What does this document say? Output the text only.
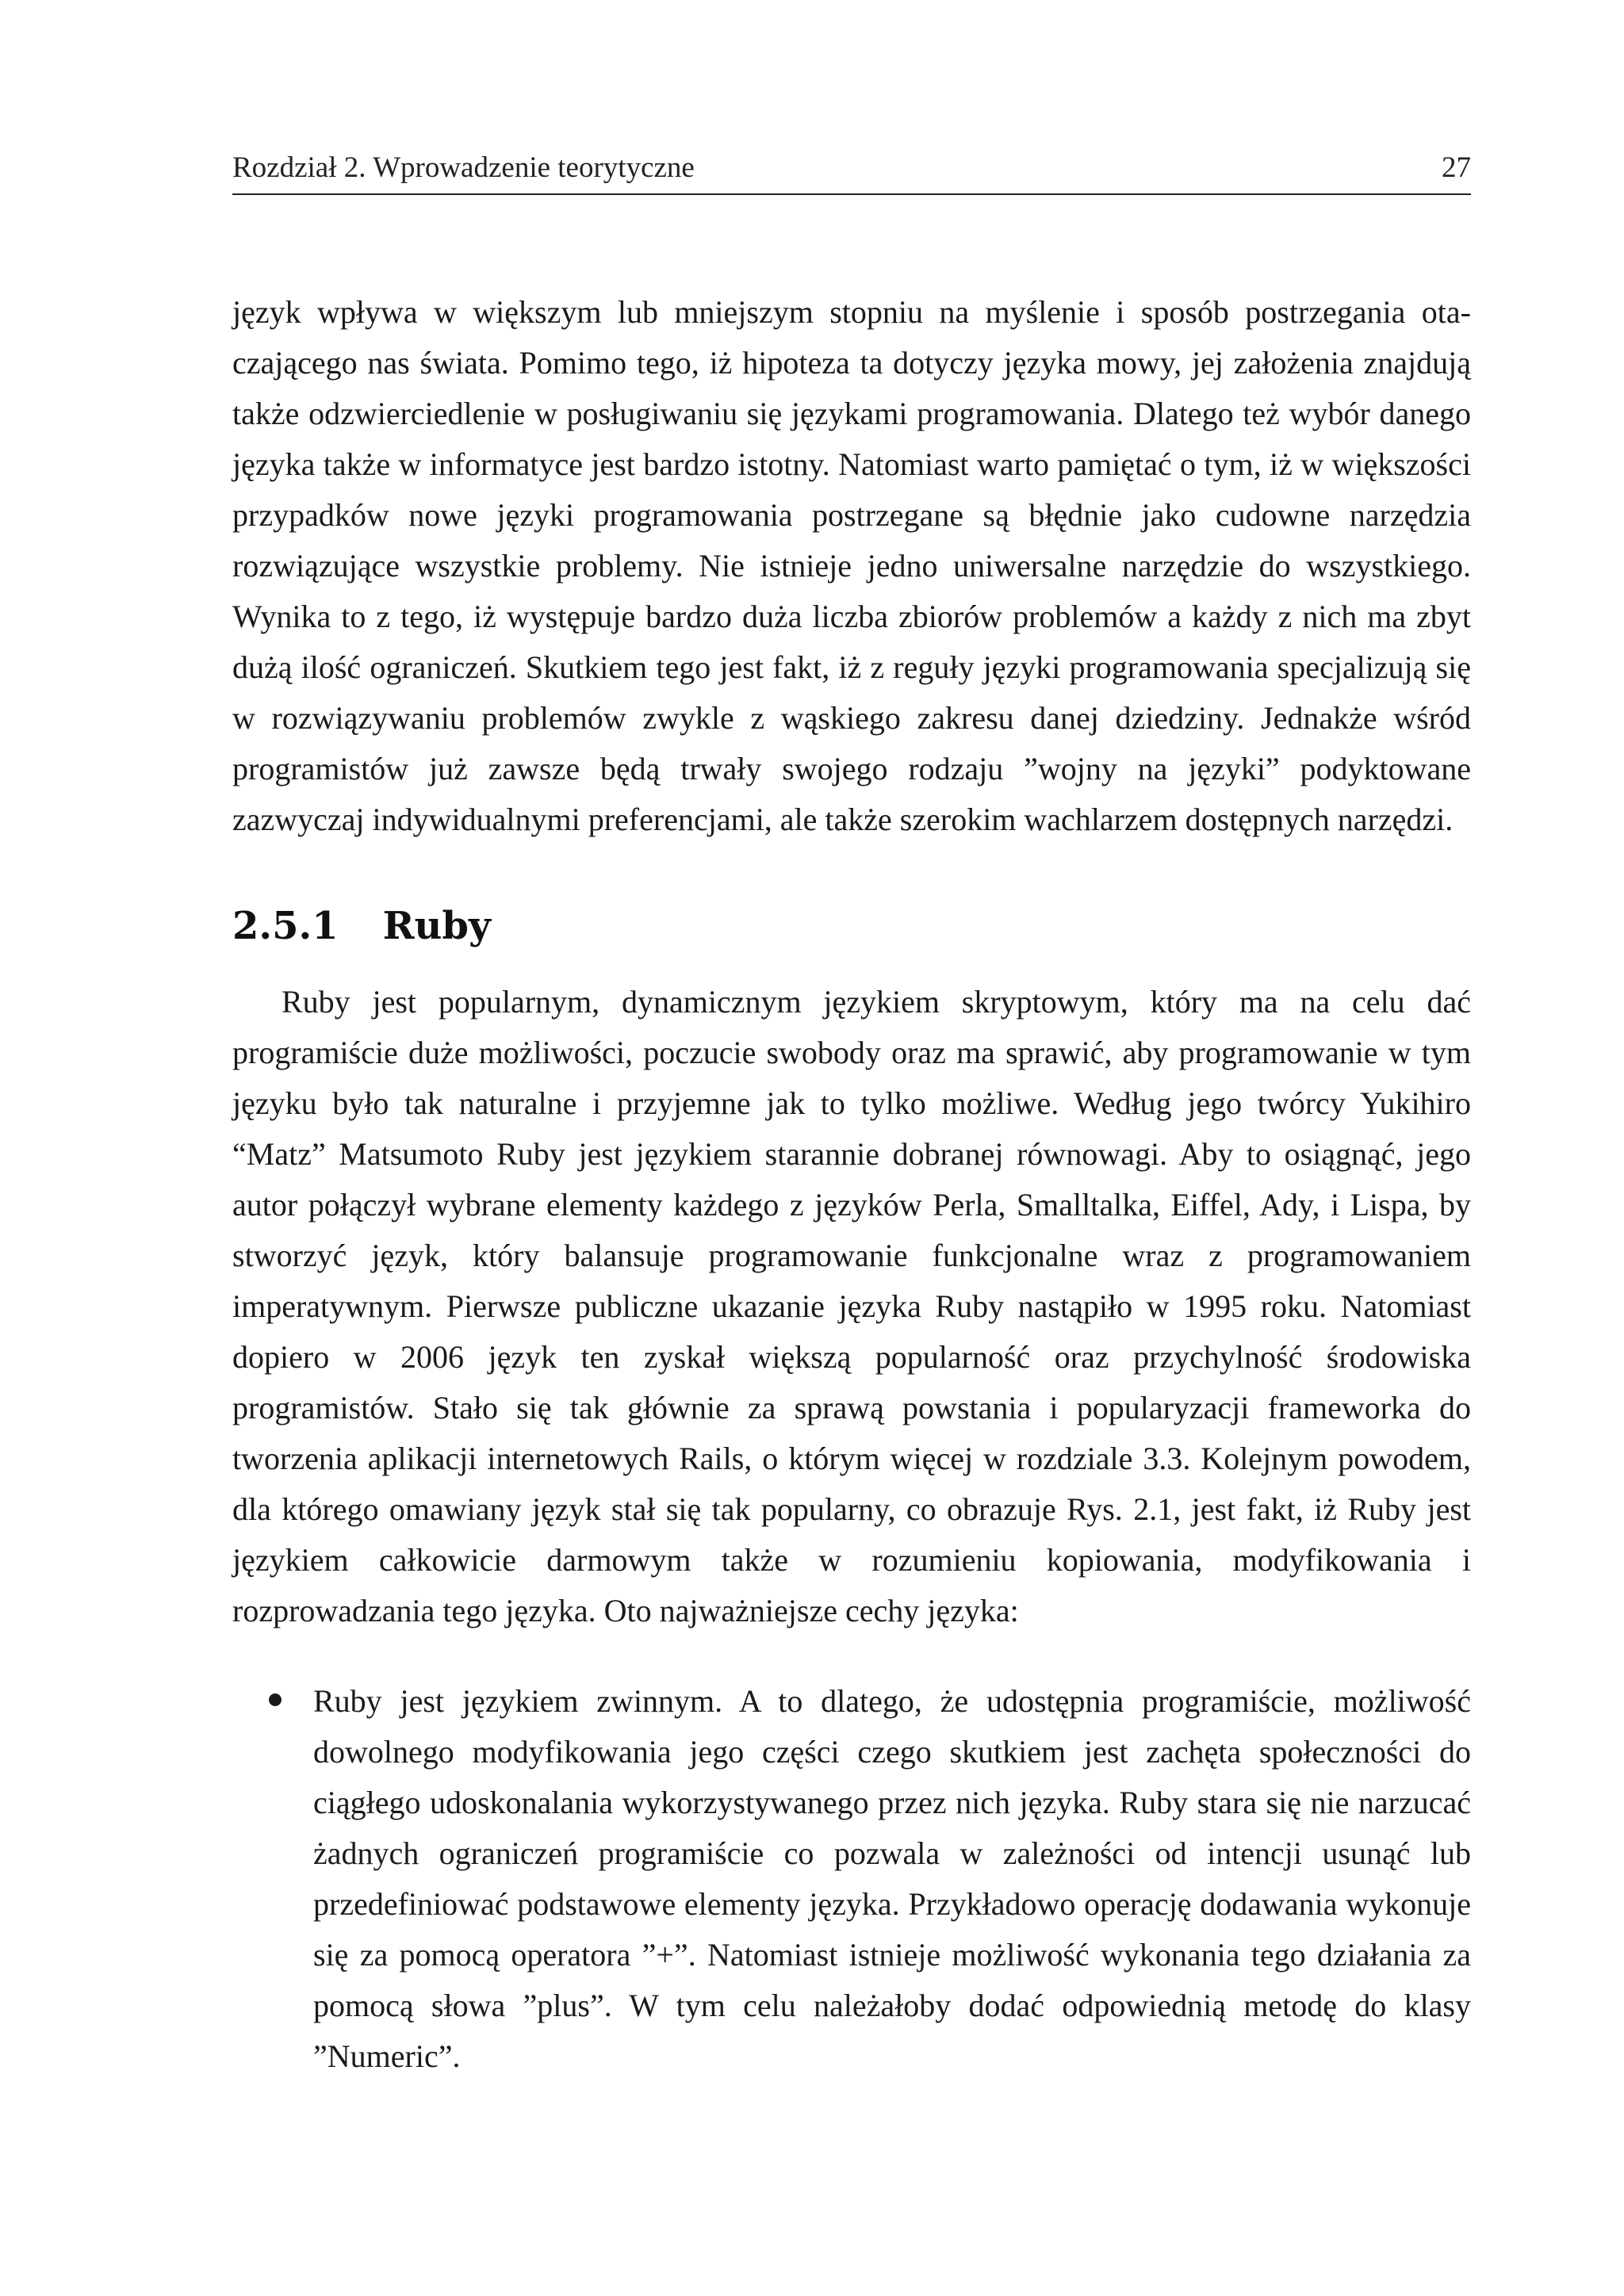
Rozdział 2. Wprowadzenie teorytyczne	27

język wpływa w większym lub mniejszym stopniu na myślenie i sposób postrzegania otaczającego nas świata. Pomimo tego, iż hipoteza ta dotyczy języka mowy, jej założenia znajdują także odzwierciedlenie w posługiwaniu się językami programowania. Dlatego też wybór danego języka także w informatyce jest bardzo istotny. Natomiast warto pamiętać o tym, iż w większości przypadków nowe języki programowania postrzegane są błędnie jako cudowne narzędzia rozwiązujące wszystkie problemy. Nie istnieje jedno uniwersalne narzędzie do wszystkiego. Wynika to z tego, iż występuje bardzo duża liczba zbiorów problemów a każdy z nich ma zbyt dużą ilość ograniczeń. Skutkiem tego jest fakt, iż z reguły języki programowania specjalizują się w rozwiązywaniu problemów zwykle z wąskiego zakresu danej dziedziny. Jednakże wśród programistów już zawsze będą trwały swojego rodzaju ”wojny na języki” podyktowane zazwyczaj indywidualnymi preferencjami, ale także szerokim wachlarzem dostępnych narzędzi.

2.5.1 Ruby

Ruby jest popularnym, dynamicznym językiem skryptowym, który ma na celu dać programiście duże możliwości, poczucie swobody oraz ma sprawić, aby programowanie w tym języku było tak naturalne i przyjemne jak to tylko możliwe. Według jego twórcy Yukihiro “Matz” Matsumoto Ruby jest językiem starannie dobranej równowagi. Aby to osiągnąć, jego autor połączył wybrane elementy każdego z języków Perla, Smalltalka, Eiffel, Ady, i Lispa, by stworzyć język, który balansuje programowanie funkcjonalne wraz z programowaniem imperatywnym. Pierwsze publiczne ukazanie języka Ruby nastąpiło w 1995 roku. Natomiast dopiero w 2006 język ten zyskał większą popularność oraz przychylność środowiska programistów. Stało się tak głównie za sprawą powstania i popularyzacji frameworka do tworzenia aplikacji internetowych Rails, o którym więcej w rozdziale 3.3. Kolejnym powodem, dla którego omawiany język stał się tak popularny, co obrazuje Rys. 2.1, jest fakt, iż Ruby jest językiem całkowicie darmowym także w rozumieniu kopiowania, modyfikowania i rozprowadzania tego języka. Oto najważniejsze cechy języka:

Ruby jest językiem zwinnym. A to dlatego, że udostępnia programiście, możliwość dowolnego modyfikowania jego części czego skutkiem jest zachęta społeczności do ciągłego udoskonalania wykorzystywanego przez nich języka. Ruby stara się nie narzucać żadnych ograniczeń programiście co pozwala w zależności od intencji usunąć lub przedefiniować podstawowe elementy języka. Przykładowo operację dodawania wykonuje się za pomocą operatora ”+”. Natomiast istnieje możliwość wykonania tego działania za pomocą słowa ”plus”. W tym celu należałoby dodać odpowiednią metodę do klasy ”Numeric”.
